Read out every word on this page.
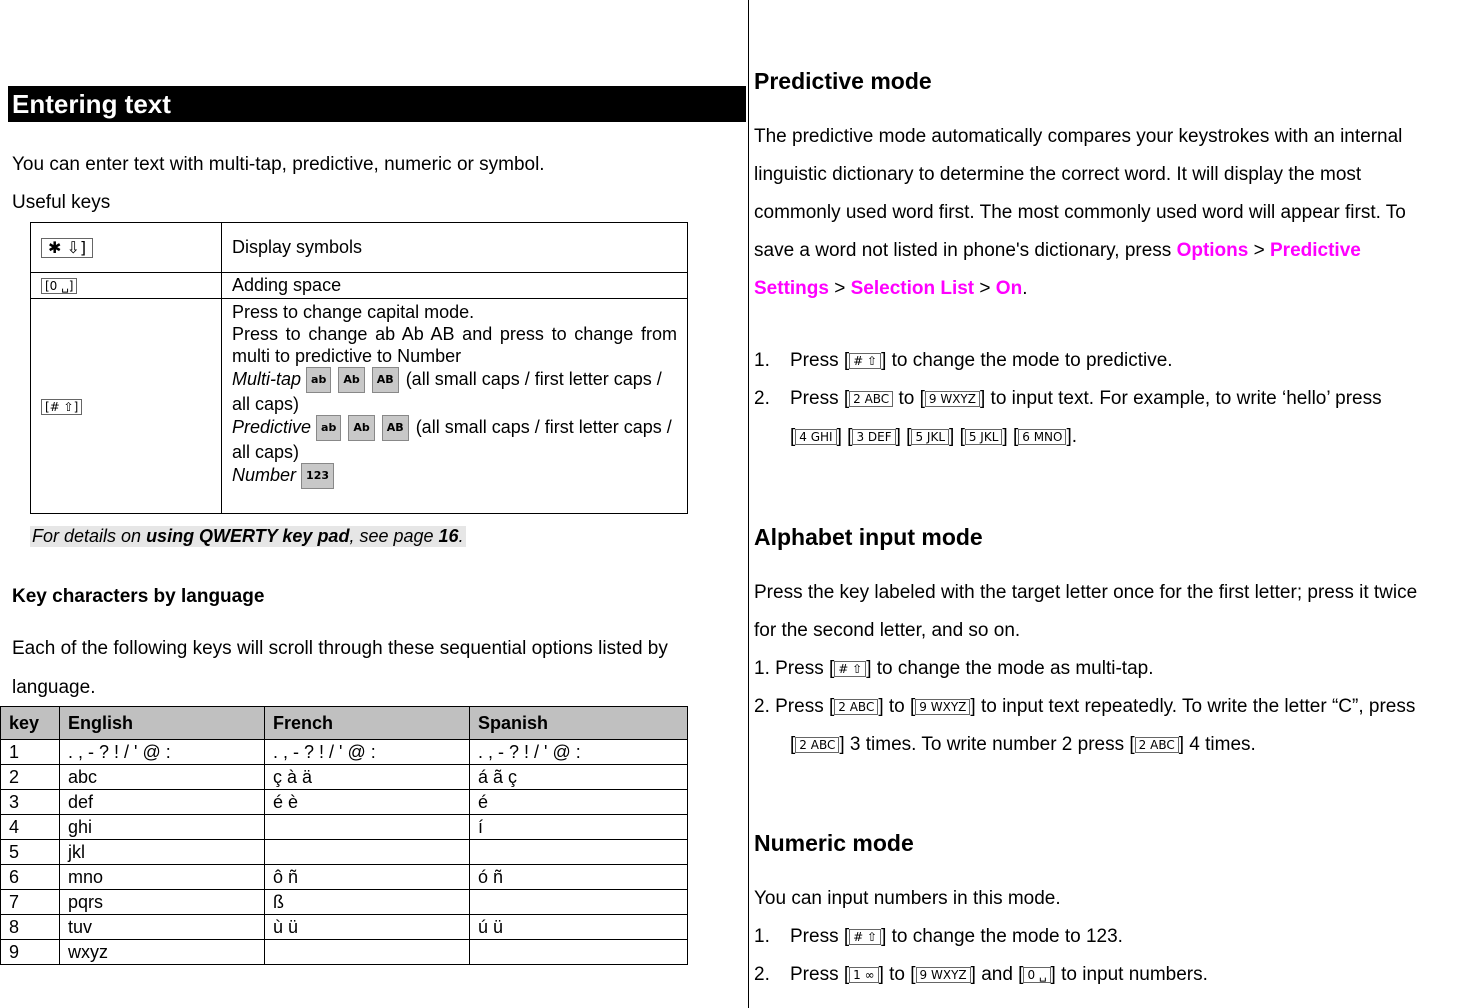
Entering text
You can enter text with multi-tap, predictive, numeric or symbol.
Useful keys
✱ ⇩]	Display symbols
[0 ␣]	Adding space
[# ⇧]	Press to change capital mode.
Press to change ab Ab AB and press to change from multi to predictive to Number
Multi-tap ab Ab AB (all small caps / first letter caps / all caps)
Predictive ab Ab AB (all small caps / first letter caps / all caps)
Number 123
For details on using QWERTY key pad, see page 16.
Key characters by language
Each of the following keys will scroll through these sequential options listed by
language.
key	English	French	Spanish
1	. , - ? ! / ' @ :	. , - ? ! / ' @ :	. , - ? ! / ' @ :
2	abc	ç à ä	á ã ç
3	def	é è	é
4	ghi		í
5	jkl		
6	mno	ô ñ	ó ñ
7	pqrs	ß	
8	tuv	ù ü	ú ü
9	wxyz		
Predictive mode
The predictive mode automatically compares your keystrokes with an internal
linguistic dictionary to determine the correct word. It will display the most
commonly used word first. The most commonly used word will appear first. To
save a word not listed in phone's dictionary, press Options > Predictive
Settings > Selection List > On.
1. Press [ # ⇧ ] to change the mode to predictive.
2. Press [ 2 ABC to [ 9 WXYZ ] to input text. For example, to write ‘hello’ press
[ 4 GHI ] [ 3 DEF ] [ 5 JKL ] [ 5 JKL ] [ 6 MNO ].
Alphabet input mode
Press the key labeled with the target letter once for the first letter; press it twice
for the second letter, and so on.
1. Press [ # ⇧ ] to change the mode as multi-tap.
2. Press [ 2 ABC ] to [ 9 WXYZ ] to input text repeatedly. To write the letter “C”, press
[ 2 ABC ] 3 times. To write number 2 press [ 2 ABC ] 4 times.
Numeric mode
You can input numbers in this mode.
1. Press [ # ⇧ ] to change the mode to 123.
2. Press [ 1 ∞ ] to [ 9 WXYZ ] and [ 0 ␣ ] to input numbers.
